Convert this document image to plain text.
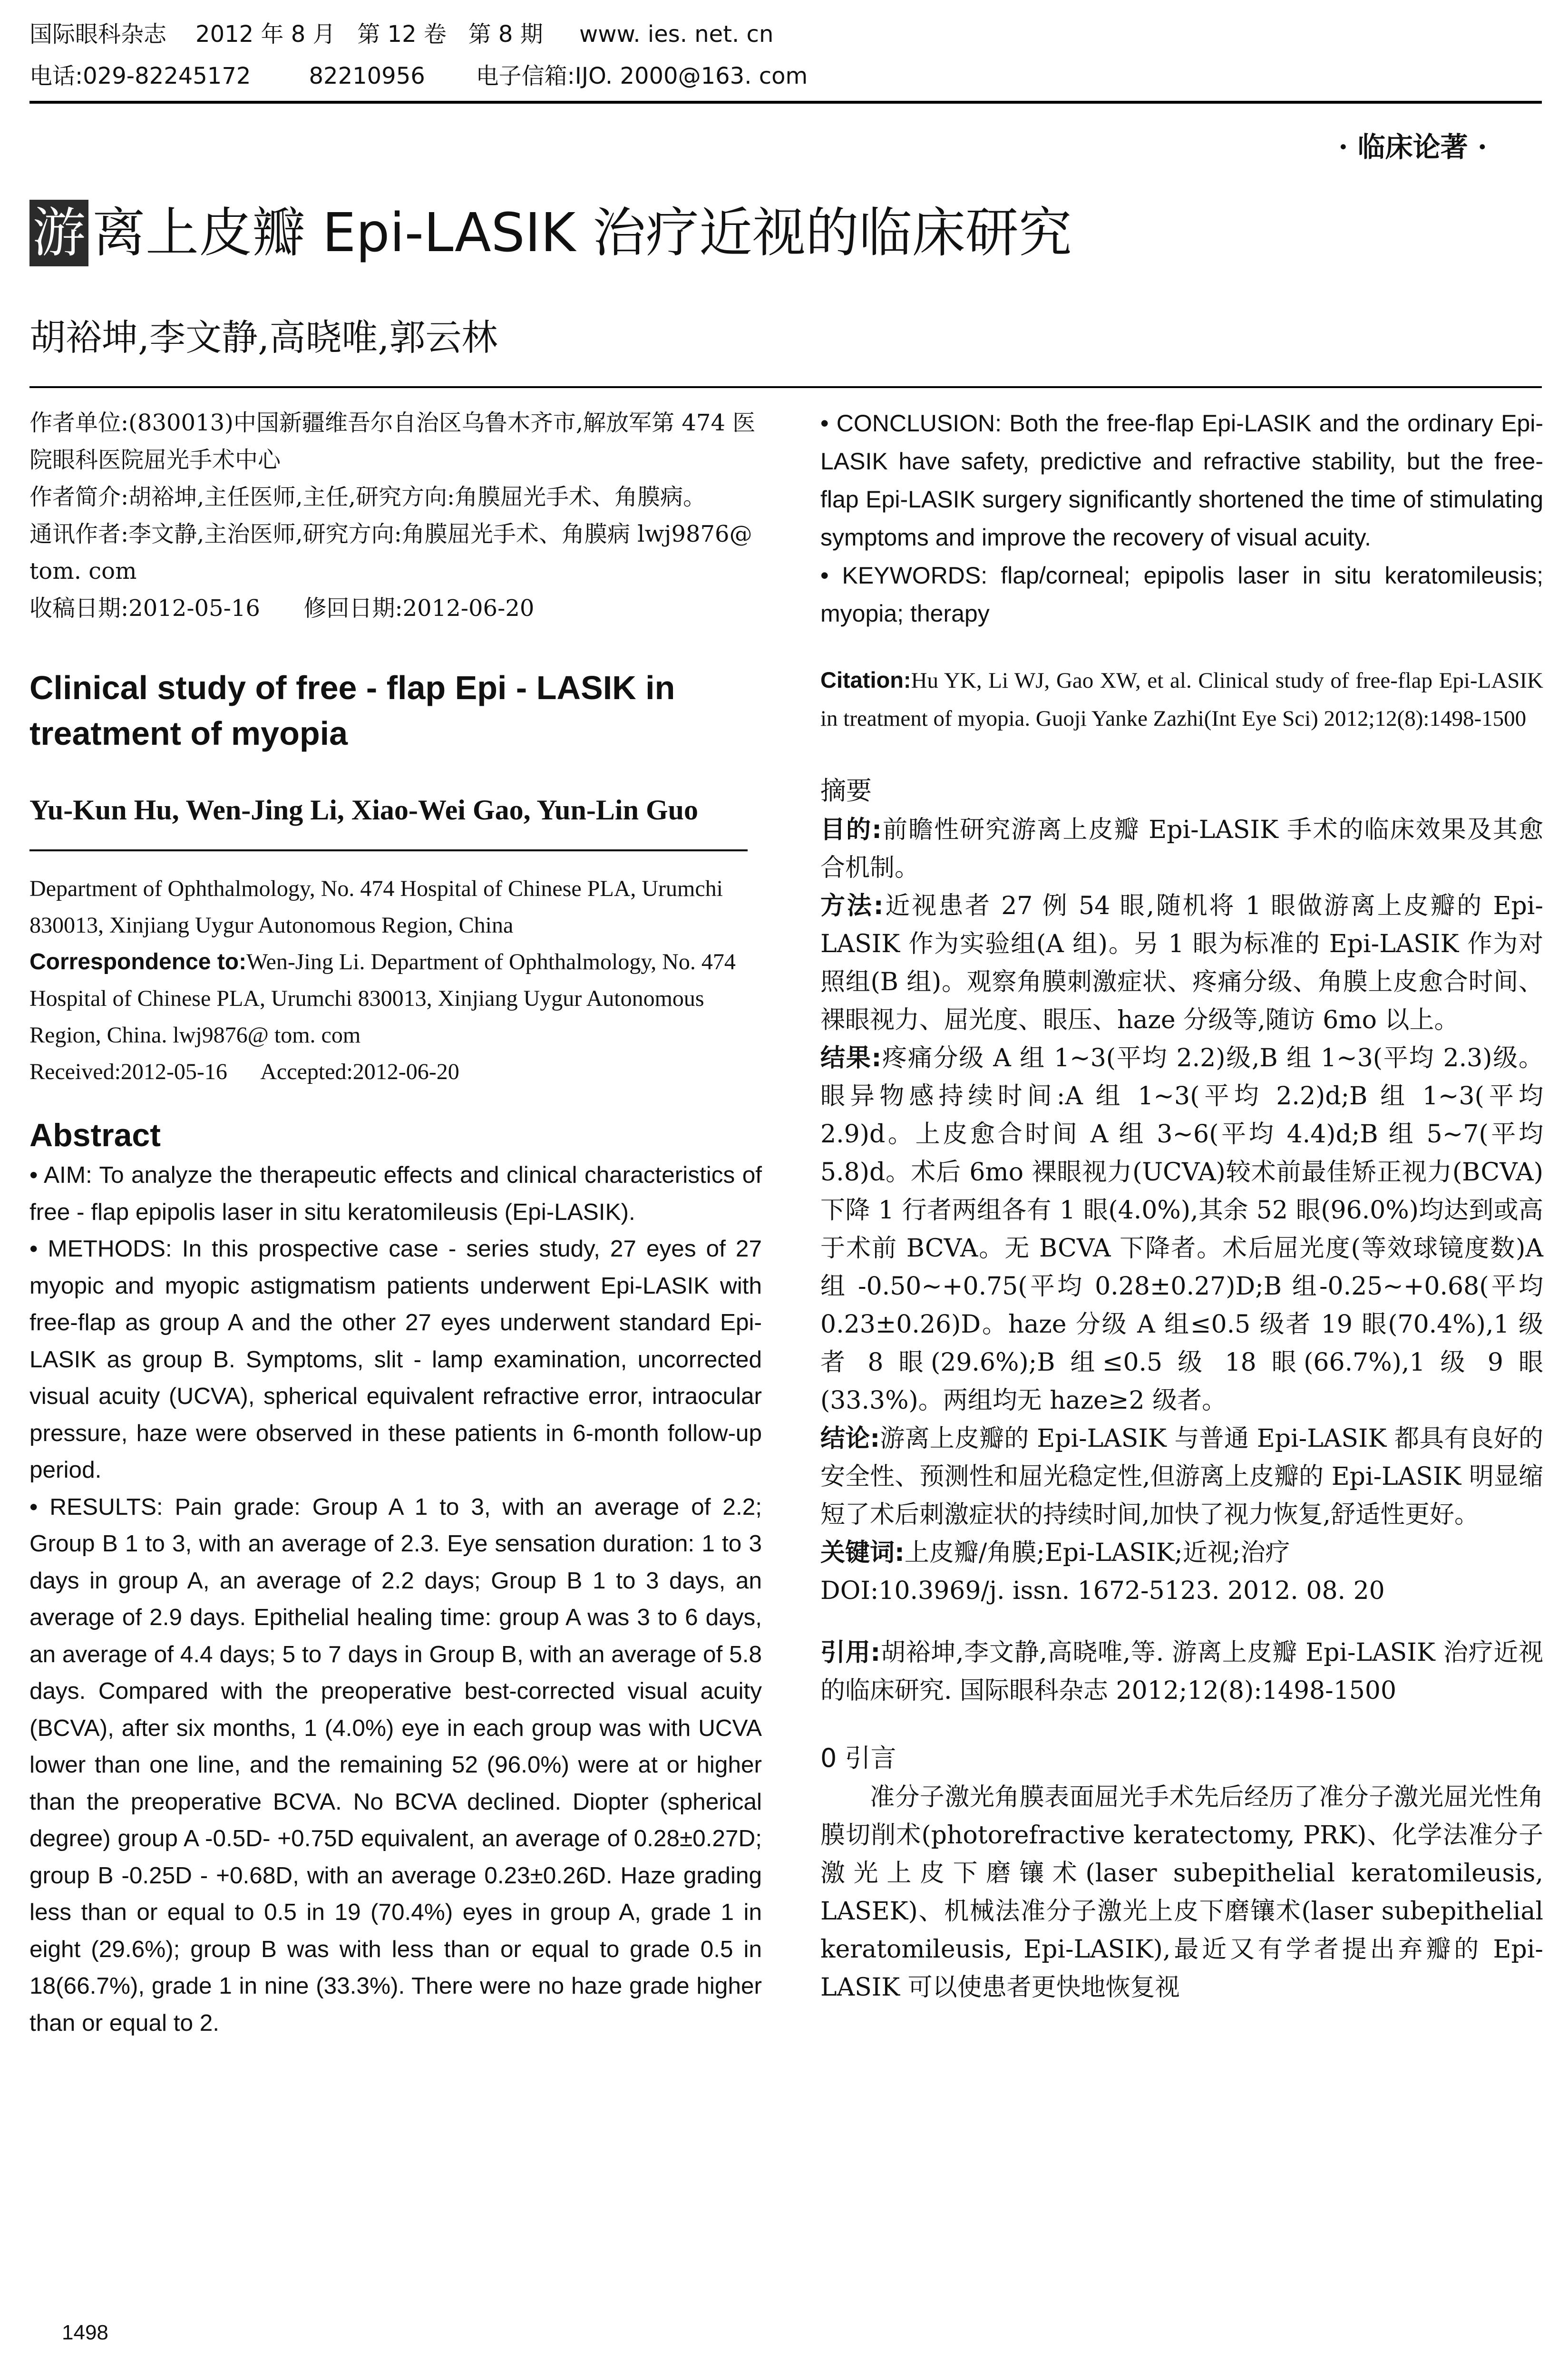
国际眼科杂志    2012 年 8 月   第 12 卷   第 8 期     www. ies. net. cn
电话:029-82245172        82210956       电子信箱:IJO. 2000@163. com
· 临床论著 ·
游 离上皮瓣 Epi-LASIK 治疗近视的临床研究
胡裕坤,李文静,高晓唯,郭云林

作者单位:(830013)中国新疆维吾尔自治区乌鲁木齐市,解放军第 474 医院眼科医院屈光手术中心

作者简介:胡裕坤,主任医师,主任,研究方向:角膜屈光手术、角膜病。

通讯作者:李文静,主治医师,研究方向:角膜屈光手术、角膜病 lwj9876@ tom. com

收稿日期:2012-05-16      修回日期:2012-06-20

Clinical study of free - flap Epi - LASIK in treatment of myopia
Yu-Kun Hu, Wen-Jing Li, Xiao-Wei Gao, Yun-Lin Guo

Department of Ophthalmology, No. 474 Hospital of Chinese PLA, Urumchi 830013, Xinjiang Uygur Autonomous Region, China

Correspondence to:Wen-Jing Li. Department of Ophthalmology, No. 474 Hospital of Chinese PLA, Urumchi 830013, Xinjiang Uygur Autonomous Region, China. lwj9876@ tom. com

Received:2012-05-16      Accepted:2012-06-20

Abstract

• AIM: To analyze the therapeutic effects and clinical characteristics of free - flap epipolis laser in situ keratomileusis (Epi-LASIK).

• METHODS: In this prospective case - series study, 27 eyes of 27 myopic and myopic astigmatism patients underwent Epi-LASIK with free-flap as group A and the other 27 eyes underwent standard Epi-LASIK as group B. Symptoms, slit - lamp examination, uncorrected visual acuity (UCVA), spherical equivalent refractive error, intraocular pressure, haze were observed in these patients in 6-month follow-up period.

• RESULTS: Pain grade: Group A 1 to 3, with an average of 2.2; Group B 1 to 3, with an average of 2.3. Eye sensation duration: 1 to 3 days in group A, an average of 2.2 days; Group B 1 to 3 days, an average of 2.9 days. Epithelial healing time: group A was 3 to 6 days, an average of 4.4 days; 5 to 7 days in Group B, with an average of 5.8 days. Compared with the preoperative best-corrected visual acuity (BCVA), after six months, 1 (4.0%) eye in each group was with UCVA lower than one line, and the remaining 52 (96.0%) were at or higher than the preoperative BCVA. No BCVA declined. Diopter (spherical degree) group A -0.5D- +0.75D equivalent, an average of 0.28±0.27D; group B -0.25D - +0.68D, with an average 0.23±0.26D. Haze grading less than or equal to 0.5 in 19 (70.4%) eyes in group A, grade 1 in eight (29.6%); group B was with less than or equal to grade 0.5 in 18(66.7%), grade 1 in nine (33.3%). There were no haze grade higher than or equal to 2.

• CONCLUSION: Both the free-flap Epi-LASIK and the ordinary Epi-LASIK have safety, predictive and refractive stability, but the free-flap Epi-LASIK surgery significantly shortened the time of stimulating symptoms and improve the recovery of visual acuity.

• KEYWORDS: flap/corneal; epipolis laser in situ keratomileusis; myopia; therapy

Citation:Hu YK, Li WJ, Gao XW, et al. Clinical study of free-flap Epi-LASIK in treatment of myopia. Guoji Yanke Zazhi(Int Eye Sci) 2012;12(8):1498-1500
摘要

目的:前瞻性研究游离上皮瓣 Epi-LASIK 手术的临床效果及其愈合机制。

方法:近视患者 27 例 54 眼,随机将 1 眼做游离上皮瓣的 Epi-LASIK 作为实验组(A 组)。另 1 眼为标准的 Epi-LASIK 作为对照组(B 组)。观察角膜刺激症状、疼痛分级、角膜上皮愈合时间、裸眼视力、屈光度、眼压、haze 分级等,随访 6mo 以上。

结果:疼痛分级 A 组 1~3(平均 2.2)级,B 组 1~3(平均 2.3)级。眼异物感持续时间:A 组 1~3(平均 2.2)d;B 组 1~3(平均 2.9)d。上皮愈合时间 A 组 3~6(平均 4.4)d;B 组 5~7(平均 5.8)d。术后 6mo 裸眼视力(UCVA)较术前最佳矫正视力(BCVA)下降 1 行者两组各有 1 眼(4.0%),其余 52 眼(96.0%)均达到或高于术前 BCVA。无 BCVA 下降者。术后屈光度(等效球镜度数)A 组 -0.50~+0.75(平均 0.28±0.27)D;B 组-0.25~+0.68(平均 0.23±0.26)D。haze 分级 A 组≤0.5 级者 19 眼(70.4%),1 级者 8 眼(29.6%);B 组≤0.5 级 18 眼(66.7%),1 级 9 眼(33.3%)。两组均无 haze≥2 级者。

结论:游离上皮瓣的 Epi-LASIK 与普通 Epi-LASIK 都具有良好的安全性、预测性和屈光稳定性,但游离上皮瓣的 Epi-LASIK 明显缩短了术后刺激症状的持续时间,加快了视力恢复,舒适性更好。

关键词:上皮瓣/角膜;Epi-LASIK;近视;治疗

DOI:10.3969/j. issn. 1672-5123. 2012. 08. 20

引用:胡裕坤,李文静,高晓唯,等. 游离上皮瓣 Epi-LASIK 治疗近视的临床研究. 国际眼科杂志 2012;12(8):1498-1500
0 引言
准分子激光角膜表面屈光手术先后经历了准分子激光屈光性角膜切削术(photorefractive keratectomy, PRK)、化学法准分子激光上皮下磨镶术(laser subepithelial keratomileusis, LASEK)、机械法准分子激光上皮下磨镶术(laser subepithelial keratomileusis, Epi-LASIK),最近又有学者提出弃瓣的 Epi-LASIK 可以使患者更快地恢复视
1498
